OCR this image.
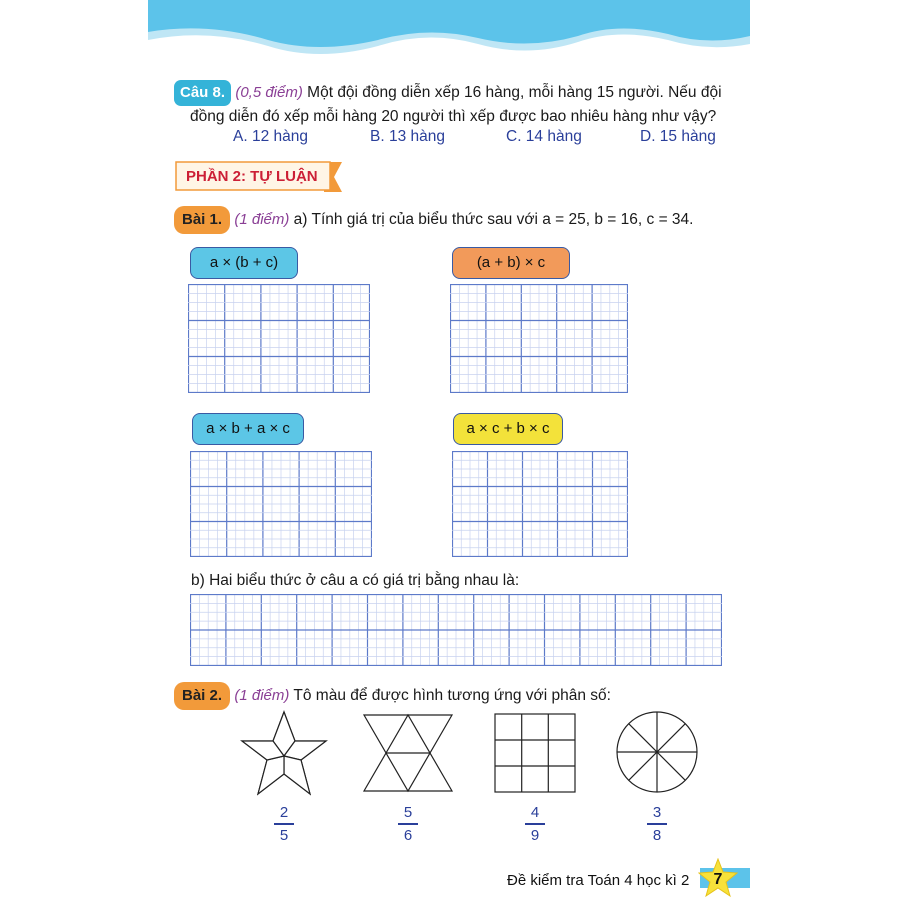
Câu 8. (0,5 điểm) Một đội đồng diễn xếp 16 hàng, mỗi hàng 15 người. Nếu đội
đồng diễn đó xếp mỗi hàng 20 người thì xếp được bao nhiêu hàng như vậy?
A. 12 hàng	B. 13 hàng	C. 14 hàng	D. 15 hàng
PHẦN 2: TỰ LUẬN
Bài 1. (1 điểm) a) Tính giá trị của biểu thức sau với a = 25, b = 16, c = 34.
a × (b + c)	(a + b) × c
a × b + a × c	a × c + b × c
b) Hai biểu thức ở câu a có giá trị bằng nhau là:
Bài 2. (1 điểm) Tô màu để được hình tương ứng với phân số:
2
5
5
6
4
9
3
8
Đề kiểm tra Toán 4 học kì 2 7
